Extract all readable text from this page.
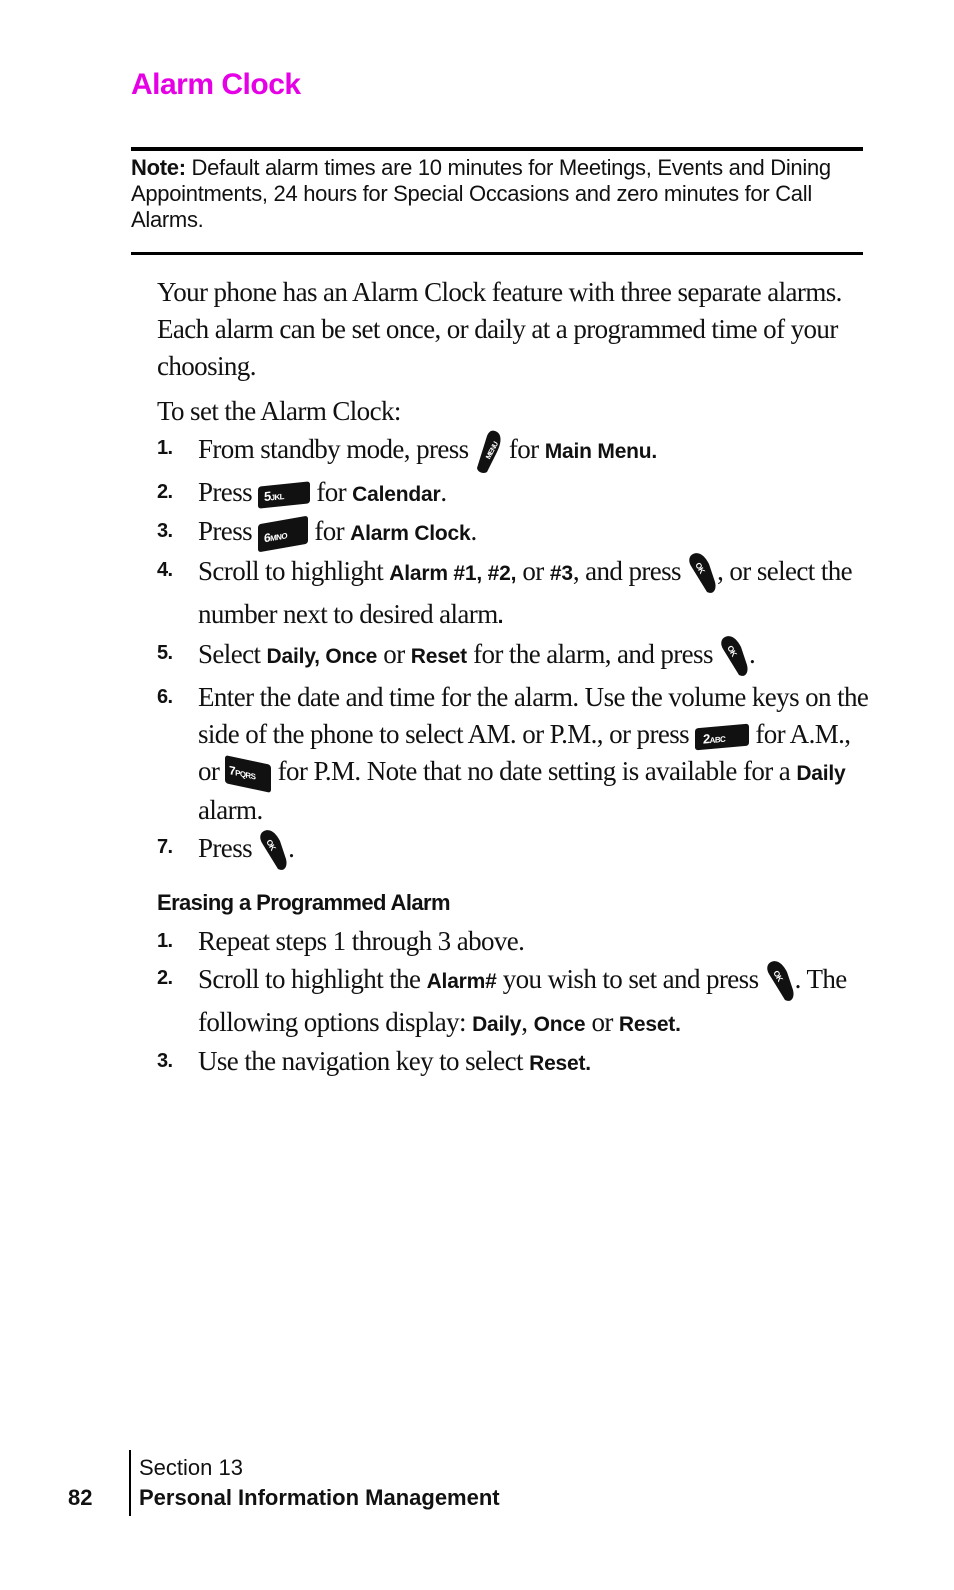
Alarm Clock
Note: Default alarm times are 10 minutes for Meetings, Events and Dining Appointments, 24 hours for Special Occasions and zero minutes for Call Alarms.

Your phone has an Alarm Clock feature with three separate alarms. Each alarm can be set once, or daily at a programmed time of your choosing.

To set the Alarm Clock:

1. From standby mode, press MENU for Main Menu.
2. Press 5JKL for Calendar.
3. Press 6MNO for Alarm Clock.
4. Scroll to highlight Alarm #1, #2, or #3, and press OK , or select the number next to desired alarm.
5. Select Daily, Once or Reset for the alarm, and press OK .
6. Enter the date and time for the alarm. Use the volume keys on the side of the phone to select AM. or P.M., or press 2ABC for A.M., or 7PQRS for P.M. Note that no date setting is available for a Daily alarm.
7. Press OK .
Erasing a Programmed Alarm
1. Repeat steps 1 through 3 above.
2. Scroll to highlight the Alarm# you wish to set and press OK . The following options display: Daily, Once or Reset.
3. Use the navigation key to select Reset.
82
Section 13
Personal Information Management
